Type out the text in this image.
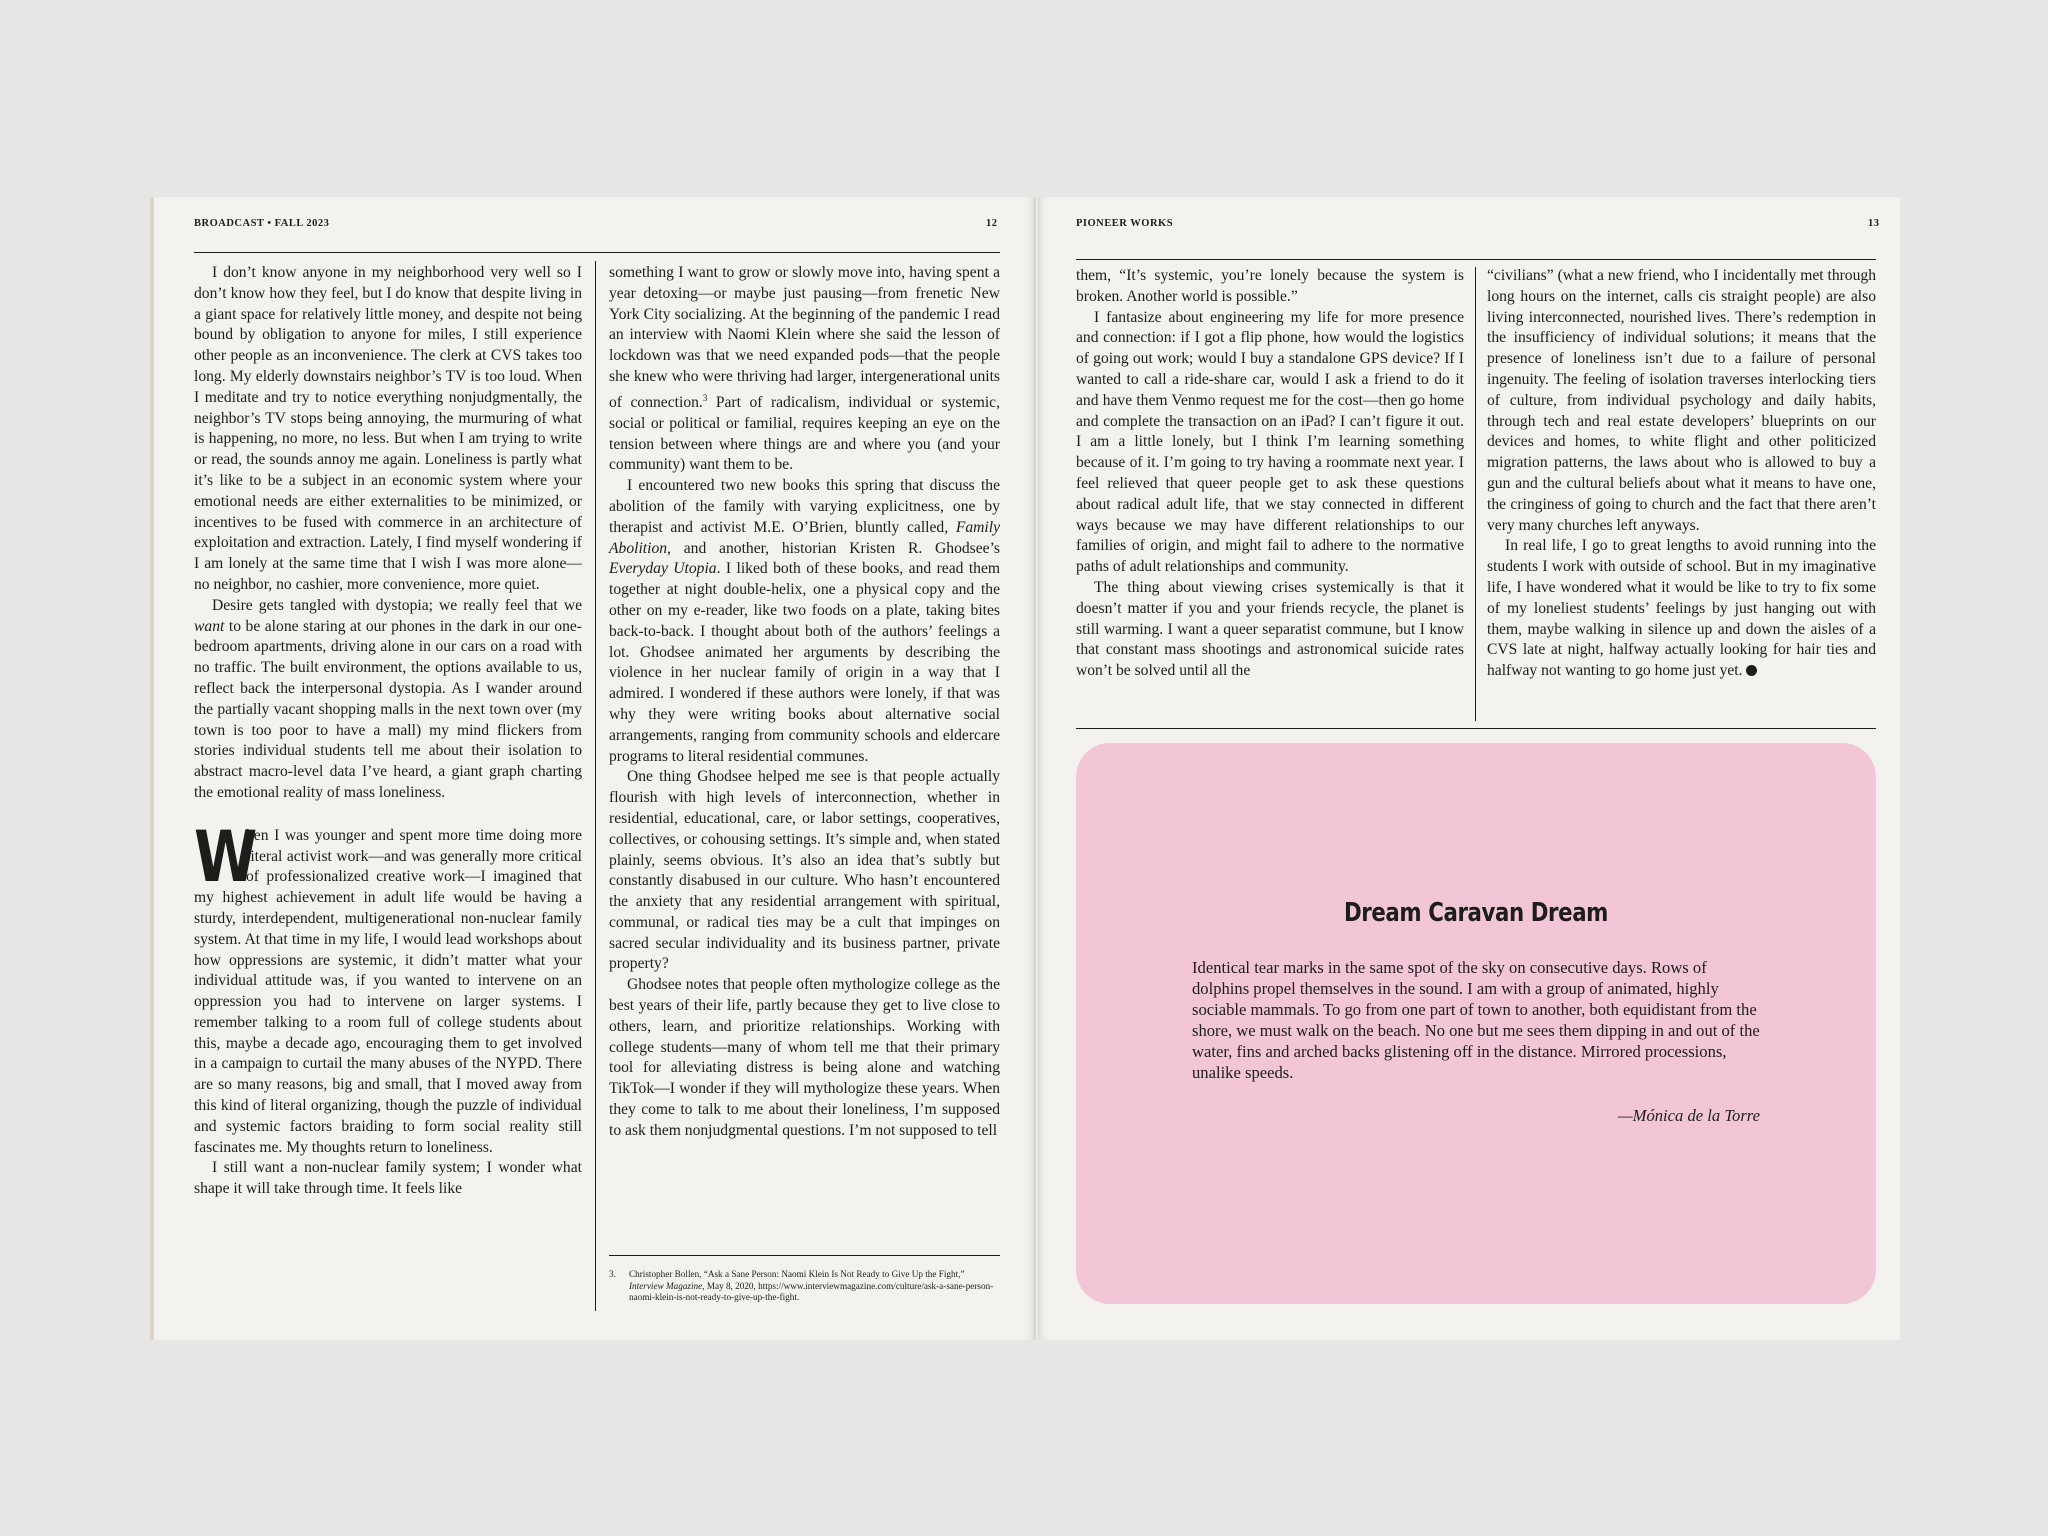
BROADCAST • FALL 2023	12

I don’t know anyone in my neighborhood very well so I don’t know how they feel, but I do know that despite living in a giant space for relatively little money, and despite not being bound by obligation to anyone for miles, I still experience other people as an inconvenience. The clerk at CVS takes too long. My elderly downstairs neighbor’s TV is too loud. When I meditate and try to notice everything nonjudgmentally, the neighbor’s TV stops being annoying, the murmuring of what is happening, no more, no less. But when I am trying to write or read, the sounds annoy me again. Loneliness is partly what it’s like to be a subject in an economic system where your emotional needs are either externalities to be minimized, or incentives to be fused with commerce in an architecture of exploitation and extraction. Lately, I find myself wondering if I am lonely at the same time that I wish I was more alone—no neighbor, no cashier, more convenience, more quiet.

Desire gets tangled with dystopia; we really feel that we want to be alone staring at our phones in the dark in our one-bedroom apartments, driving alone in our cars on a road with no traffic. The built environment, the options available to us, reflect back the interpersonal dystopia. As I wander around the partially vacant shopping malls in the next town over (my town is too poor to have a mall) my mind flickers from stories individual students tell me about their isolation to abstract macro-level data I’ve heard, a giant graph charting the emotional reality of mass loneliness.

W
hen I was younger and spent more time doing more literal activist work—and was generally more critical of professionalized creative work—I imagined that my highest achievement in adult life would be having a sturdy, interdependent, multigenerational non-nuclear family system. At that time in my life, I would lead workshops about how oppressions are systemic, it didn’t matter what your individual attitude was, if you wanted to intervene on an oppression you had to intervene on larger systems. I remember talking to a room full of college students about this, maybe a decade ago, encouraging them to get involved in a campaign to curtail the many abuses of the NYPD. There are so many reasons, big and small, that I moved away from this kind of literal organizing, though the puzzle of individual and systemic factors braiding to form social reality still fascinates me. My thoughts return to loneliness.

I still want a non-nuclear family system; I wonder what shape it will take through time. It feels like

something I want to grow or slowly move into, having spent a year detoxing—or maybe just pausing—from frenetic New York City socializing. At the beginning of the pandemic I read an interview with Naomi Klein where she said the lesson of lockdown was that we need expanded pods—that the people she knew who were thriving had larger, intergenerational units of connection.$^3$ Part of radicalism, individual or systemic, social or political or familial, requires keeping an eye on the tension between where things are and where you (and your community) want them to be.

I encountered two new books this spring that discuss the abolition of the family with varying explicitness, one by therapist and activist M.E. O’Brien, bluntly called, Family Abolition, and another, historian Kristen R. Ghodsee’s Everyday Utopia. I liked both of these books, and read them together at night double-helix, one a physical copy and the other on my e-reader, like two foods on a plate, taking bites back-to-back. I thought about both of the authors’ feelings a lot. Ghodsee animated her arguments by describing the violence in her nuclear family of origin in a way that I admired. I wondered if these authors were lonely, if that was why they were writing books about alternative social arrangements, ranging from community schools and eldercare programs to literal residential communes.

One thing Ghodsee helped me see is that people actually flourish with high levels of interconnection, whether in residential, educational, care, or labor settings, cooperatives, collectives, or cohousing settings. It’s simple and, when stated plainly, seems obvious. It’s also an idea that’s subtly but constantly disabused in our culture. Who hasn’t encountered the anxiety that any residential arrangement with spiritual, communal, or radical ties may be a cult that impinges on sacred secular individuality and its business partner, private property?

Ghodsee notes that people often mythologize college as the best years of their life, partly because they get to live close to others, learn, and prioritize relationships. Working with college students—many of whom tell me that their primary tool for alleviating distress is being alone and watching TikTok—I wonder if they will mythologize these years. When they come to talk to me about their loneliness, I’m supposed to ask them nonjudgmental questions. I’m not supposed to tell

3.	Christopher Bollen, “Ask a Sane Person: Naomi Klein Is Not Ready to Give Up the Fight,” Interview Magazine, May 8, 2020, https://www.interviewmagazine.com/culture/ask-a-sane-person-naomi-klein-is-not-ready-to-give-up-the-fight.
PIONEER WORKS	13

them, “It’s systemic, you’re lonely because the system is broken. Another world is possible.”

I fantasize about engineering my life for more presence and connection: if I got a flip phone, how would the logistics of going out work; would I buy a standalone GPS device? If I wanted to call a ride-share car, would I ask a friend to do it and have them Venmo request me for the cost—then go home and complete the transaction on an iPad? I can’t figure it out. I am a little lonely, but I think I’m learning something because of it. I’m going to try having a roommate next year. I feel relieved that queer people get to ask these questions about radical adult life, that we stay connected in different ways because we may have different relationships to our families of origin, and might fail to adhere to the normative paths of adult relationships and community.

The thing about viewing crises systemically is that it doesn’t matter if you and your friends recycle, the planet is still warming. I want a queer separatist commune, but I know that constant mass shootings and astronomical suicide rates won’t be solved until all the

“civilians” (what a new friend, who I incidentally met through long hours on the internet, calls cis straight people) are also living interconnected, nourished lives. There’s redemption in the insufficiency of individual solutions; it means that the presence of loneliness isn’t due to a failure of personal ingenuity. The feeling of isolation traverses interlocking tiers of culture, from individual psychology and daily habits, through tech and real estate developers’ blueprints on our devices and homes, to white flight and other politicized migration patterns, the laws about who is allowed to buy a gun and the cultural beliefs about what it means to have one, the cringiness of going to church and the fact that there aren’t very many churches left anyways.

In real life, I go to great lengths to avoid running into the students I work with outside of school. But in my imaginative life, I have wondered what it would be like to try to fix some of my loneliest students’ feelings by just hanging out with them, maybe walking in silence up and down the aisles of a CVS late at night, halfway actually looking for hair ties and halfway not wanting to go home just yet.

Dream Caravan Dream
Identical tear marks in the same spot of the sky on consecutive days. Rows of dolphins propel themselves in the sound. I am with a group of animated, highly sociable mammals. To go from one part of town to another, both equidistant from the shore, we must walk on the beach. No one but me sees them dipping in and out of the water, fins and arched backs glistening off in the distance. Mirrored processions, unalike speeds.
—Mónica de la Torre
